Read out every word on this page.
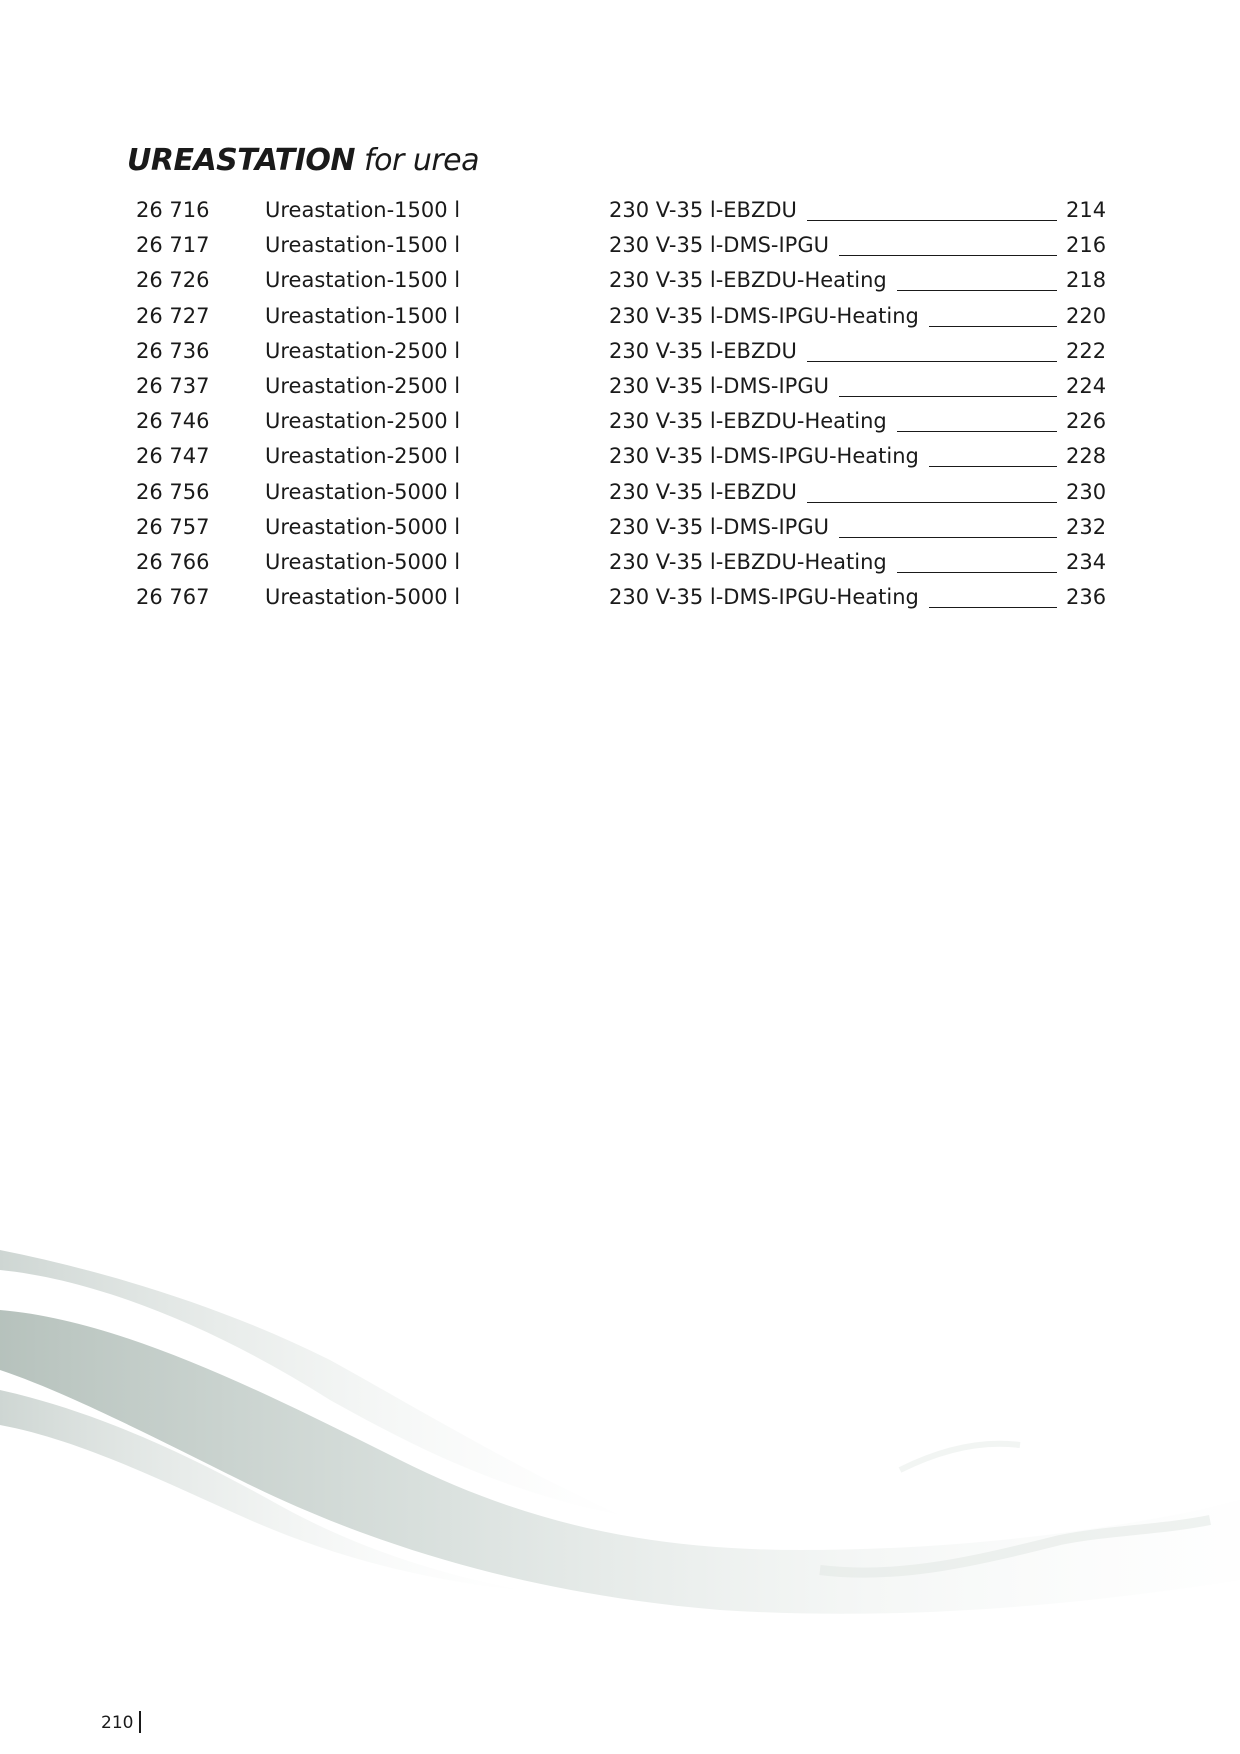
UREASTATION for urea
26 716	Ureastation-1500 l	230 V-35 l-EBZDU	214
26 717	Ureastation-1500 l	230 V-35 l-DMS-IPGU	216
26 726	Ureastation-1500 l	230 V-35 l-EBZDU-Heating	218
26 727	Ureastation-1500 l	230 V-35 l-DMS-IPGU-Heating	220
26 736	Ureastation-2500 l	230 V-35 l-EBZDU	222
26 737	Ureastation-2500 l	230 V-35 l-DMS-IPGU	224
26 746	Ureastation-2500 l	230 V-35 l-EBZDU-Heating	226
26 747	Ureastation-2500 l	230 V-35 l-DMS-IPGU-Heating	228
26 756	Ureastation-5000 l	230 V-35 l-EBZDU	230
26 757	Ureastation-5000 l	230 V-35 l-DMS-IPGU	232
26 766	Ureastation-5000 l	230 V-35 l-EBZDU-Heating	234
26 767	Ureastation-5000 l	230 V-35 l-DMS-IPGU-Heating	236
210
